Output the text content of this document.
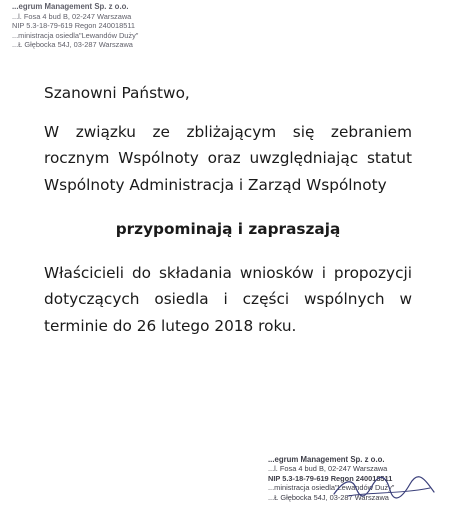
...egrum Management Sp. z o.o.
...l. Fosa 4 bud B, 02-247 Warszawa
NIP 5.3-18-79-619 Regon 240018511
...ministracja osiedla"Lewandów Duży"
...Ł Głębocka 54J, 03-287 Warszawa

Szanowni Państwo,

W związku ze zbliżającym się zebraniem rocznym Wspólnoty oraz uwzględniając statut Wspólnoty Administracja i Zarząd Wspólnoty

przypominają i zapraszają

Właścicieli do składania wniosków i propozycji dotyczących osiedla i części wspólnych w terminie do 26 lutego 2018 roku.

...egrum Management Sp. z o.o.
...l. Fosa 4 bud B, 02-247 Warszawa
NIP 5.3-18-79-619 Regon 240018511
...ministracja osiedla"Lewandów Duży"
...Ł Głębocka 54J, 03-287 Warszawa
